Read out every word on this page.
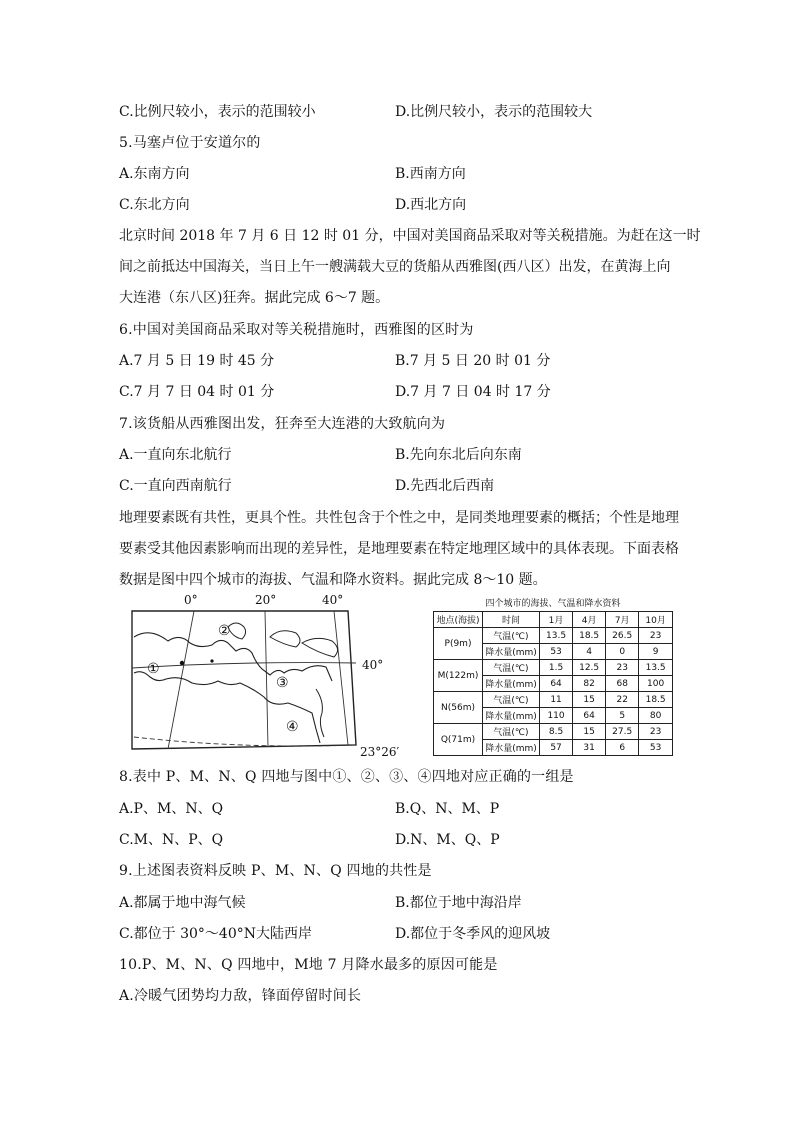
C.比例尺较小，表示的范围较小	D.比例尺较小，表示的范围较大
5.马塞卢位于安道尔的
A.东南方向	B.西南方向
C.东北方向	D.西北方向
北京时间 2018 年 7 月 6 日 12 时 01 分，中国对美国商品采取对等关税措施。为赶在这一时
间之前抵达中国海关，当日上午一艘满载大豆的货船从西雅图(西八区）出发，在黄海上向
大连港（东八区)狂奔。据此完成 6～7 题。
6.中国对美国商品采取对等关税措施时，西雅图的区时为
A.7 月 5 日 19 时 45 分	B.7 月 5 日 20 时 01 分
C.7 月 7 日 04 时 01 分	D.7 月 7 日 04 时 17 分
7.该货船从西雅图出发，狂奔至大连港的大致航向为
A.一直向东北航行	B.先向东北后向东南
C.一直向西南航行	D.先西北后西南
地理要素既有共性，更具个性。共性包含于个性之中，是同类地理要素的概括；个性是地理
要素受其他因素影响而出现的差异性，是地理要素在特定地理区域中的具体表现。下面表格
数据是图中四个城市的海拔、气温和降水资料。据此完成 8～10 题。
0°	20°	40°
40°
23°26′
①
②
③
④
四个城市的海拔、气温和降水资料
地点(海拔)	时间	1月	4月	7月	10月
P(9m)	气温(℃)	13.5	18.5	26.5	23
	降水量(mm)	53	4	0	9
M(122m)	气温(℃)	1.5	12.5	23	13.5
	降水量(mm)	64	82	68	100
N(56m)	气温(℃)	11	15	22	18.5
	降水量(mm)	110	64	5	80
Q(71m)	气温(℃)	8.5	15	27.5	23
	降水量(mm)	57	31	6	53
8.表中 P、M、N、Q 四地与图中①、②、③、④四地对应正确的一组是
A.P、M、N、Q	B.Q、N、M、P
C.M、N、P、Q	D.N、M、Q、P
9.上述图表资料反映 P、M、N、Q 四地的共性是
A.都属于地中海气候	B.都位于地中海沿岸
C.都位于 30°～40°N大陆西岸	D.都位于冬季风的迎风坡
10.P、M、N、Q 四地中，M地 7 月降水最多的原因可能是
A.冷暖气团势均力敌，锋面停留时间长
